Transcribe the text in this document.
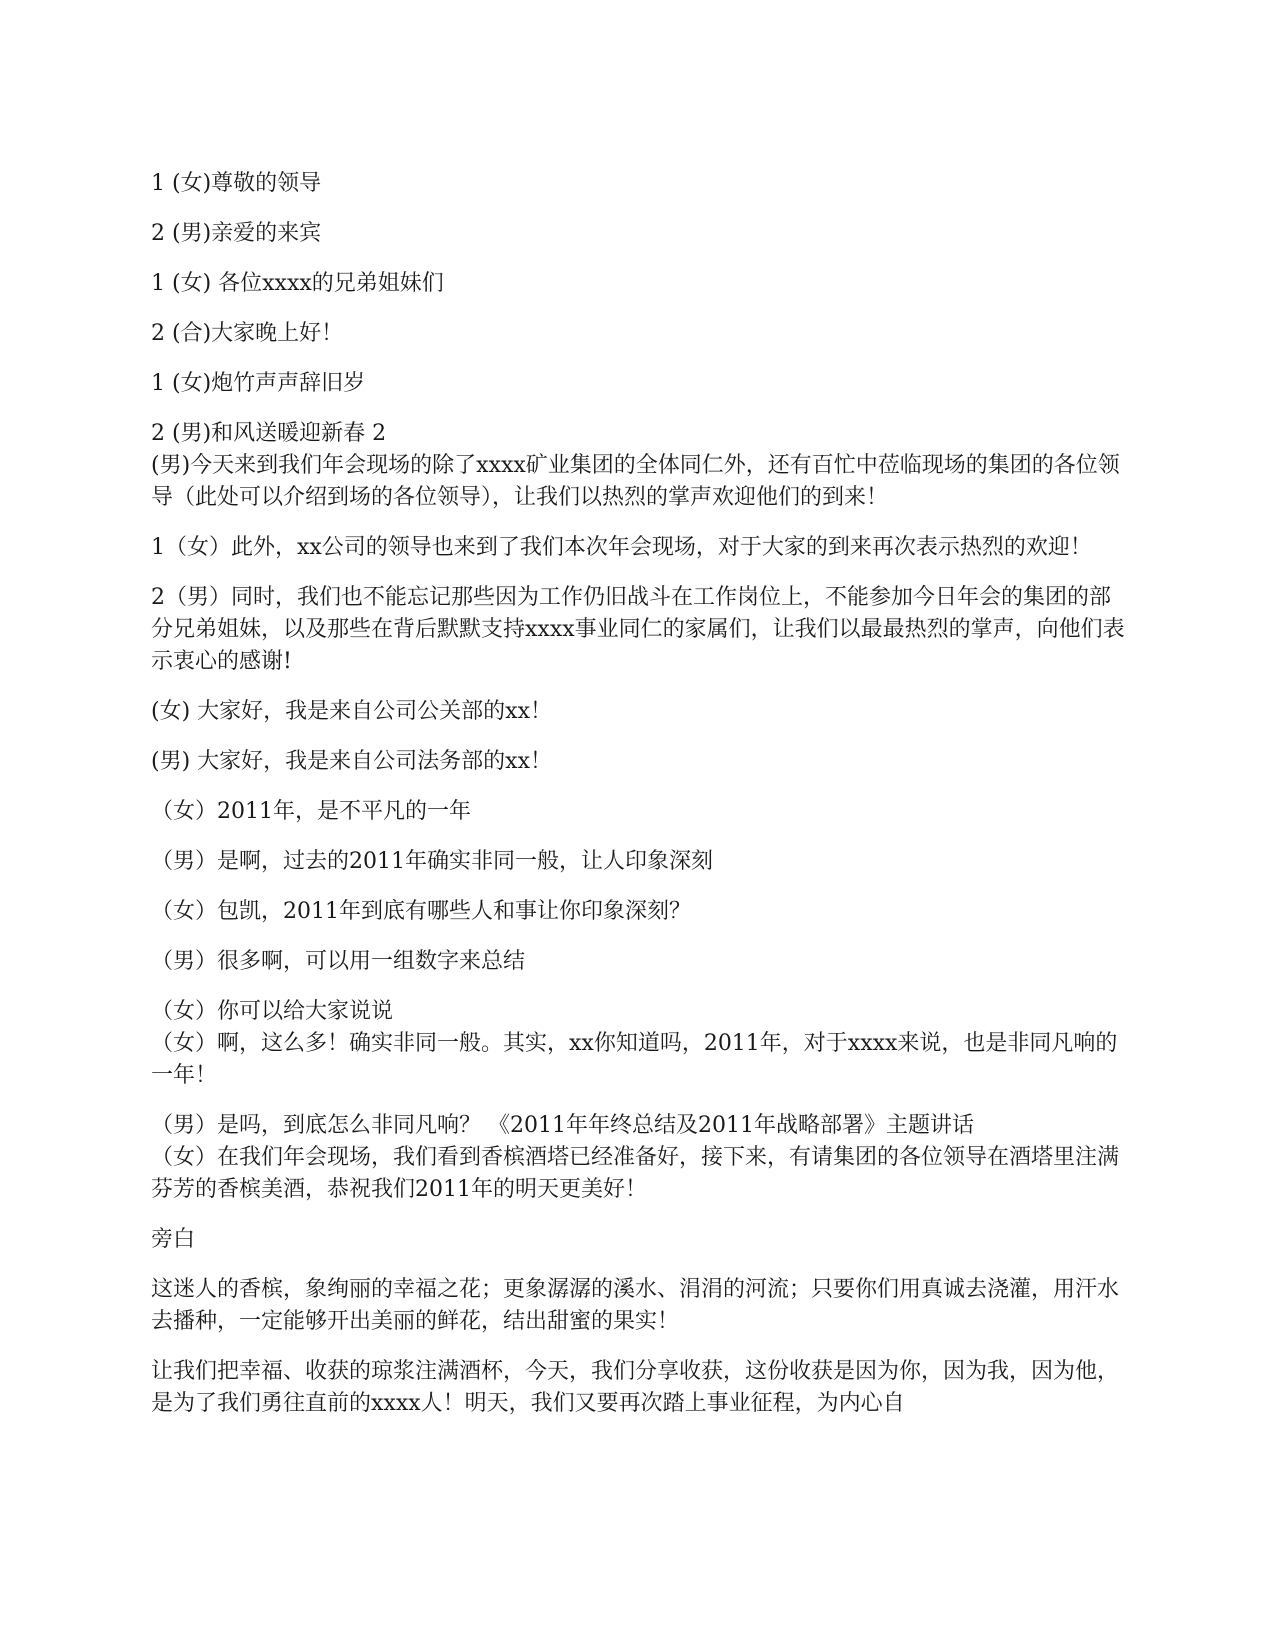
1 (女)尊敬的领导

2 (男)亲爱的来宾

1 (女) 各位xxxx的兄弟姐妹们

2 (合)大家晚上好！

1 (女)炮竹声声辞旧岁

2 (男)和风送暖迎新春 2

(男)今天来到我们年会现场的除了xxxx矿业集团的全体同仁外，还有百忙中莅临现场的集团的各位领导（此处可以介绍到场的各位领导），让我们以热烈的掌声欢迎他们的到来！

1（女）此外，xx公司的领导也来到了我们本次年会现场，对于大家的到来再次表示热烈的欢迎！

2（男）同时，我们也不能忘记那些因为工作仍旧战斗在工作岗位上，不能参加今日年会的集团的部分兄弟姐妹，以及那些在背后默默支持xxxx事业同仁的家属们，让我们以最最热烈的掌声，向他们表示衷心的感谢!

(女) 大家好，我是来自公司公关部的xx！

(男) 大家好，我是来自公司法务部的xx！

（女）2011年，是不平凡的一年

（男）是啊，过去的2011年确实非同一般，让人印象深刻

（女）包凯，2011年到底有哪些人和事让你印象深刻？

（男）很多啊，可以用一组数字来总结

（女）你可以给大家说说

（女）啊，这么多！确实非同一般。其实，xx你知道吗，2011年，对于xxxx来说，也是非同凡响的一年！

（男）是吗，到底怎么非同凡响？ 《2011年年终总结及2011年战略部署》主题讲话

（女）在我们年会现场，我们看到香槟酒塔已经准备好，接下来，有请集团的各位领导在酒塔里注满芬芳的香槟美酒，恭祝我们2011年的明天更美好！

旁白

这迷人的香槟，象绚丽的幸福之花；更象潺潺的溪水、涓涓的河流；只要你们用真诚去浇灌，用汗水去播种，一定能够开出美丽的鲜花，结出甜蜜的果实！

让我们把幸福、收获的琼浆注满酒杯，今天，我们分享收获，这份收获是因为你，因为我，因为他，是为了我们勇往直前的xxxx人！明天，我们又要再次踏上事业征程，为内心自
